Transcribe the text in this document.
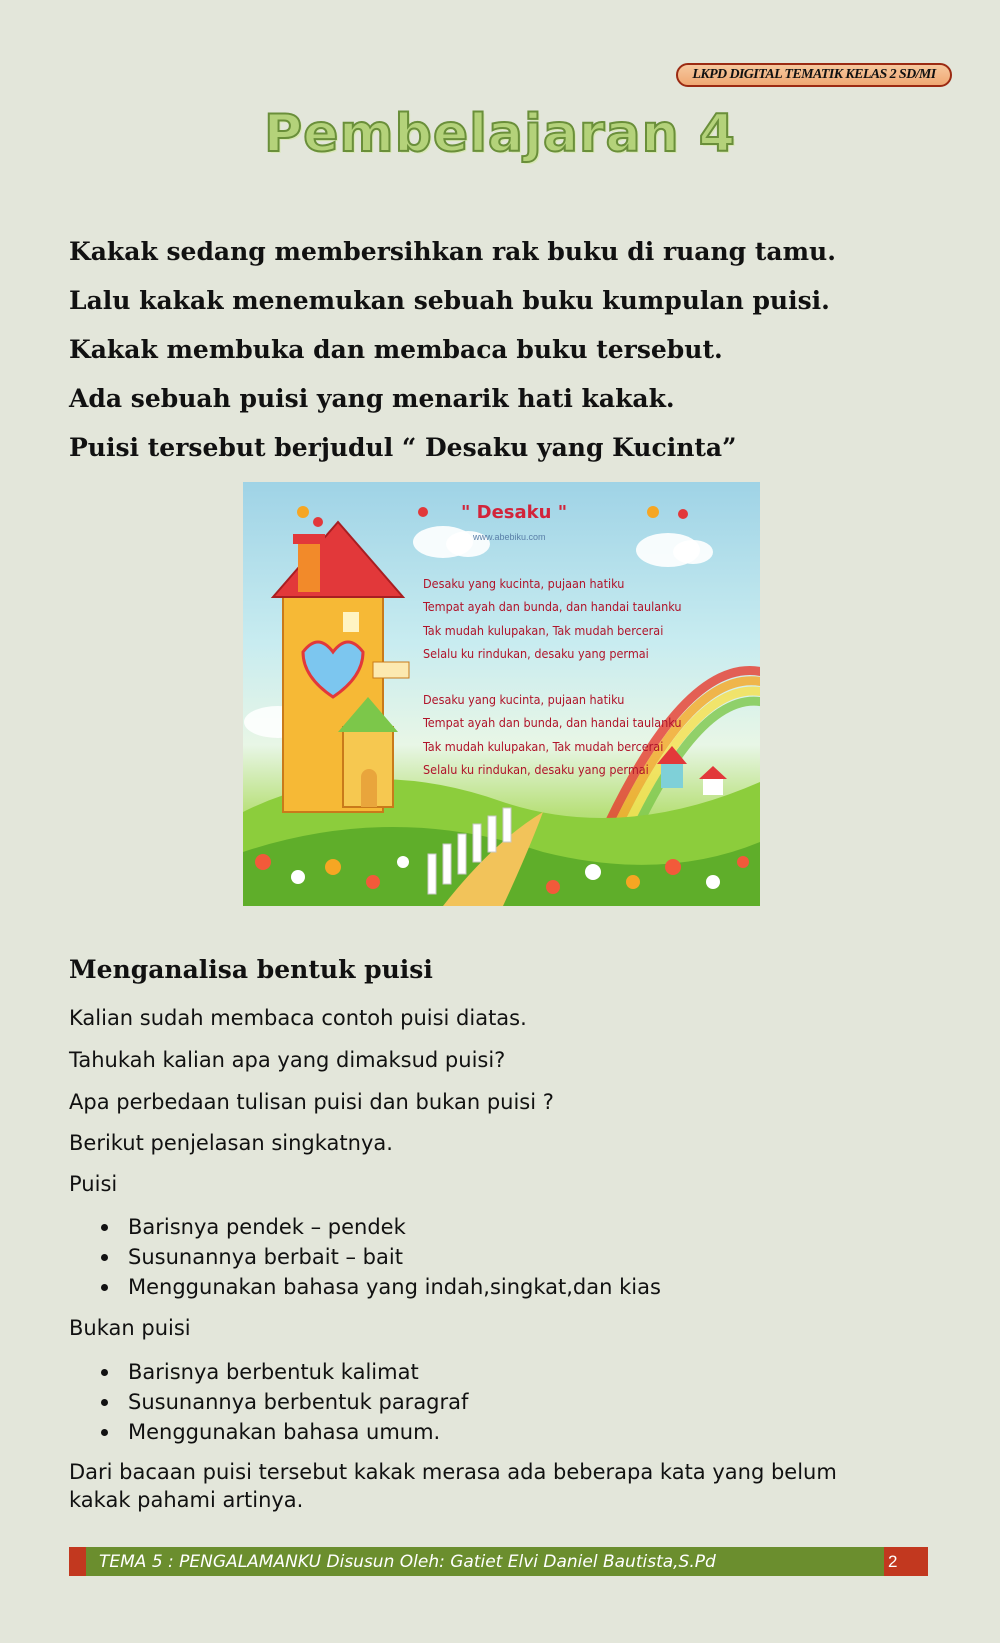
LKPD DIGITAL TEMATIK KELAS 2 SD/MI
Pembelajaran 4

Kakak sedang membersihkan rak buku di ruang tamu.

Lalu kakak menemukan sebuah buku kumpulan puisi.

Kakak membuka dan membaca buku tersebut.

Ada sebuah puisi yang menarik hati kakak.

Puisi tersebut berjudul “ Desaku yang Kucinta”

" Desaku "
www.abebiku.com
Desaku yang kucinta, pujaan hatiku
Tempat ayah dan bunda, dan handai taulanku
Tak mudah kulupakan, Tak mudah bercerai
Selalu ku rindukan, desaku yang permai
Desaku yang kucinta, pujaan hatiku
Tempat ayah dan bunda, dan handai taulanku
Tak mudah kulupakan, Tak mudah bercerai
Selalu ku rindukan, desaku yang permai
Menganalisa bentuk puisi

Kalian sudah membaca contoh puisi diatas.

Tahukah kalian apa yang dimaksud puisi?

Apa perbedaan tulisan puisi dan bukan puisi ?

Berikut penjelasan singkatnya.

Puisi

Barisnya pendek – pendek
Susunannya berbait – bait
Menggunakan bahasa yang indah,singkat,dan kias

Bukan puisi

Barisnya berbentuk kalimat
Susunannya berbentuk paragraf
Menggunakan bahasa umum.

Dari bacaan puisi tersebut kakak merasa ada beberapa kata yang belum

kakak pahami artinya.

TEMA 5 : PENGALAMANKU Disusun Oleh: Gatiet Elvi Daniel Bautista,S.Pd	2
